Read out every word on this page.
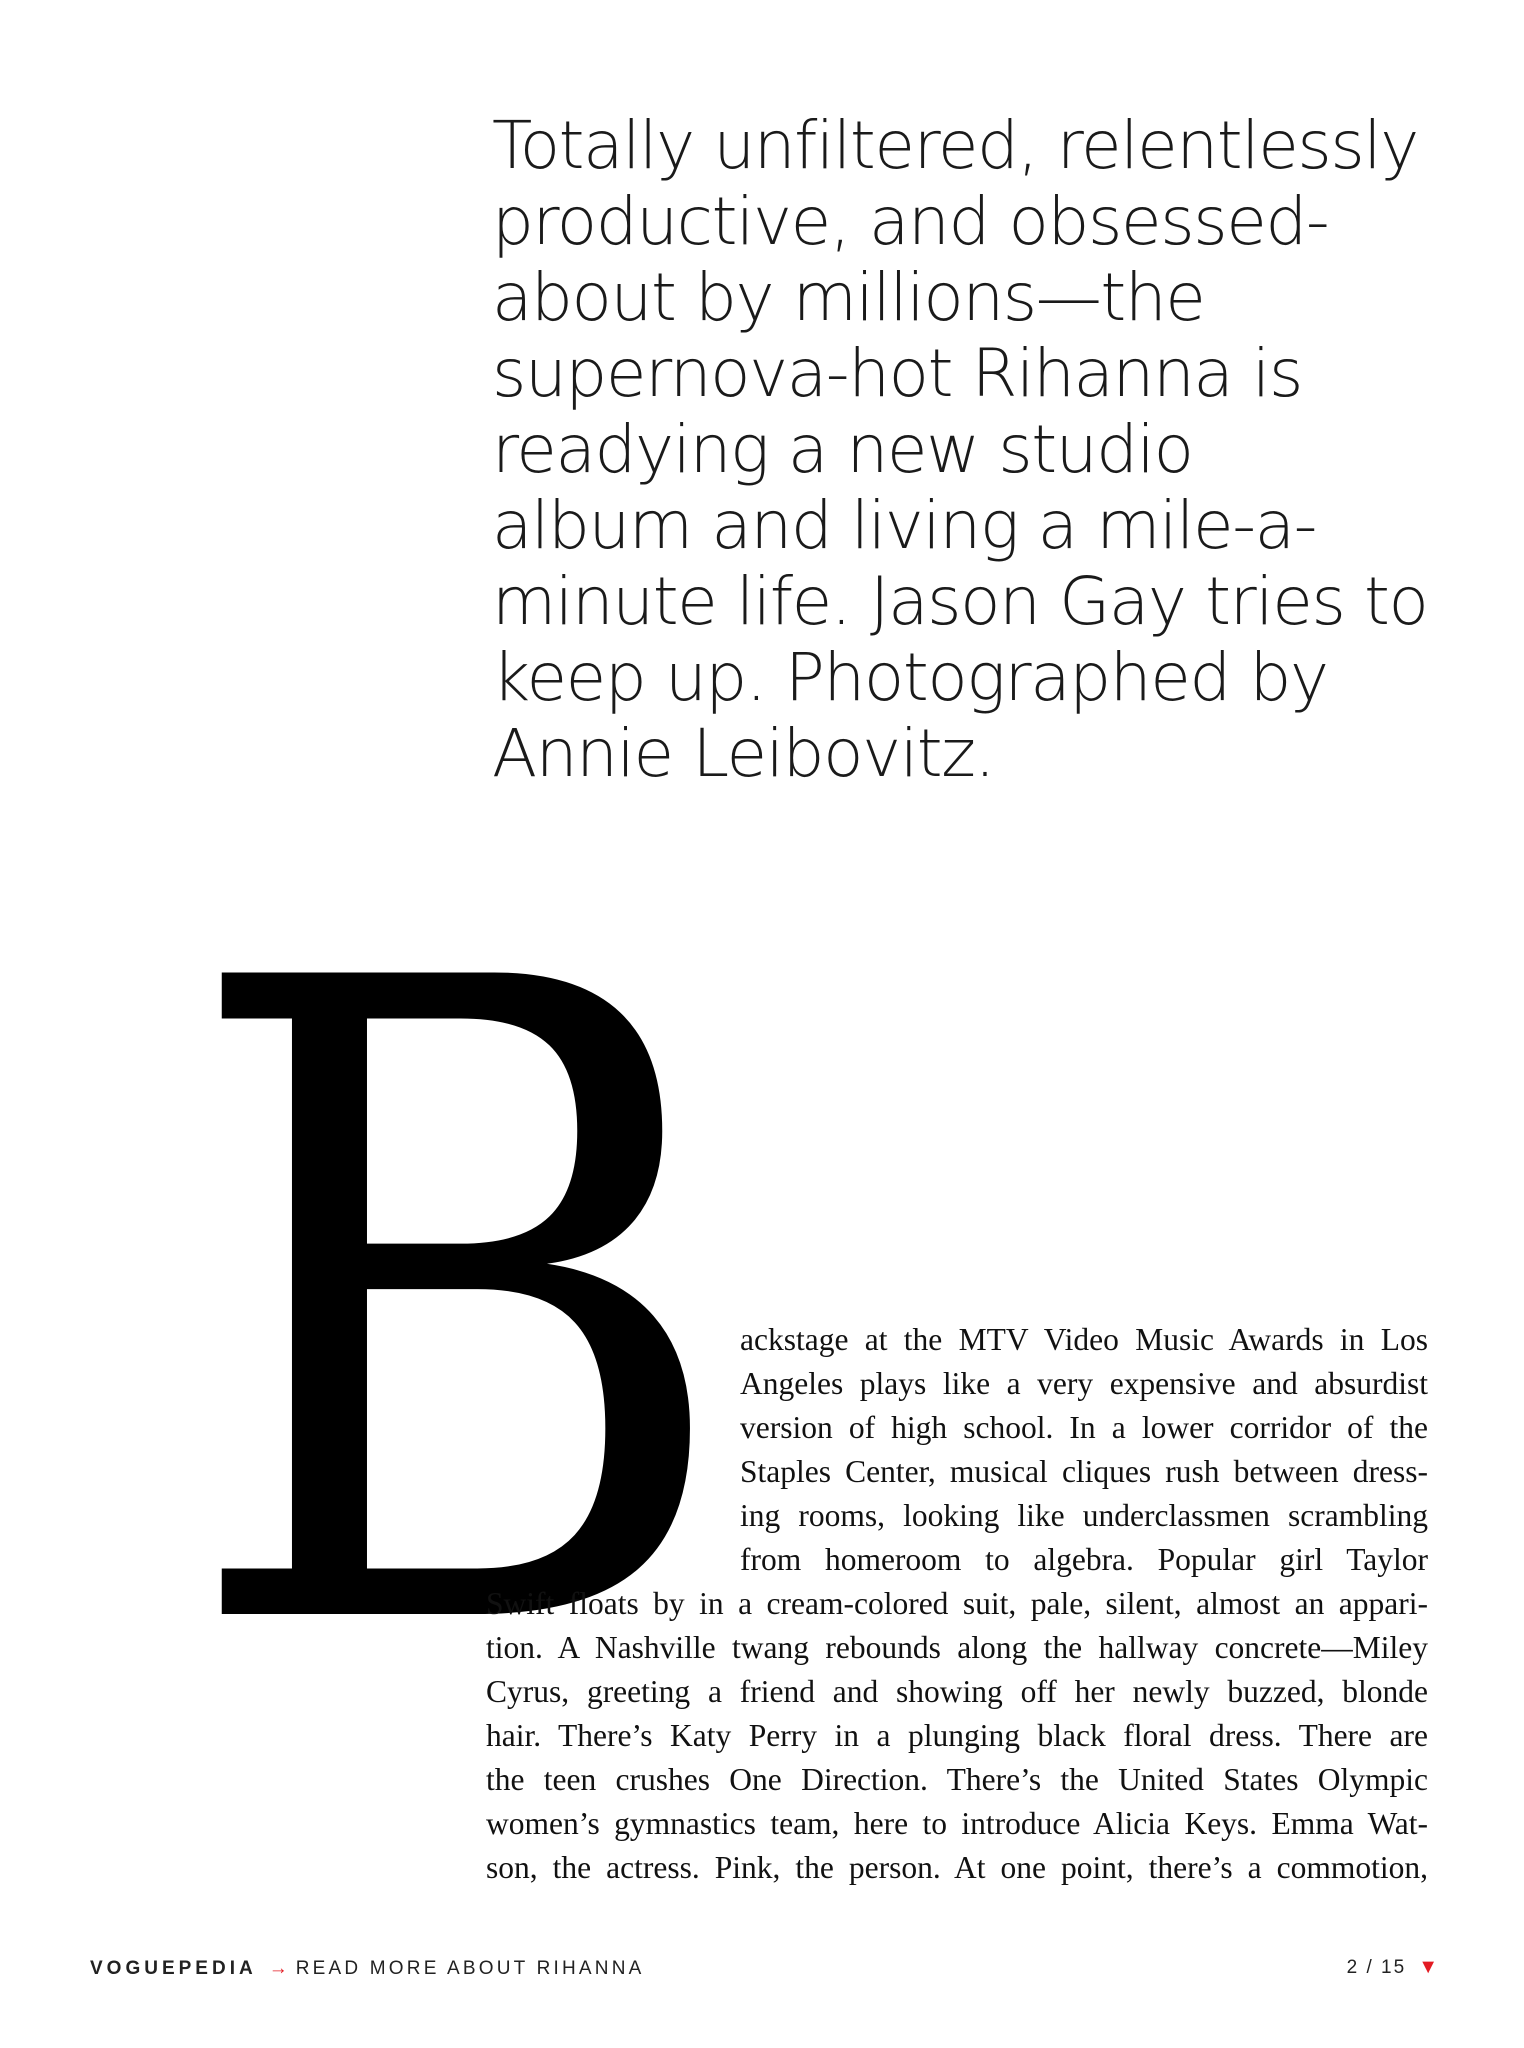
Totally unfiltered, relentlessly
productive, and obsessed-
about by millions—the
supernova-hot Rihanna is
readying a new studio
album and living a mile-a-
minute life. Jason Gay tries to
keep up. Photographed by
Annie Leibovitz.
B ackstage at the MTV Video Music Awards in Los
Angeles plays like a very expensive and absurdist
version of high school. In a lower corridor of the
Staples Center, musical cliques rush between dress-
ing rooms, looking like underclassmen scrambling
from homeroom to algebra. Popular girl Taylor
Swift floats by in a cream-colored suit, pale, silent, almost an appari-
tion. A Nashville twang rebounds along the hallway concrete—Miley
Cyrus, greeting a friend and showing off her newly buzzed, blonde
hair. There’s Katy Perry in a plunging black floral dress. There are
the teen crushes One Direction. There’s the United States Olympic
women’s gymnastics team, here to introduce Alicia Keys. Emma Wat-
son, the actress. Pink, the person. At one point, there’s a commotion,
VOGUEPEDIA → READ MORE ABOUT RIHANNA	2 / 15 ▼
